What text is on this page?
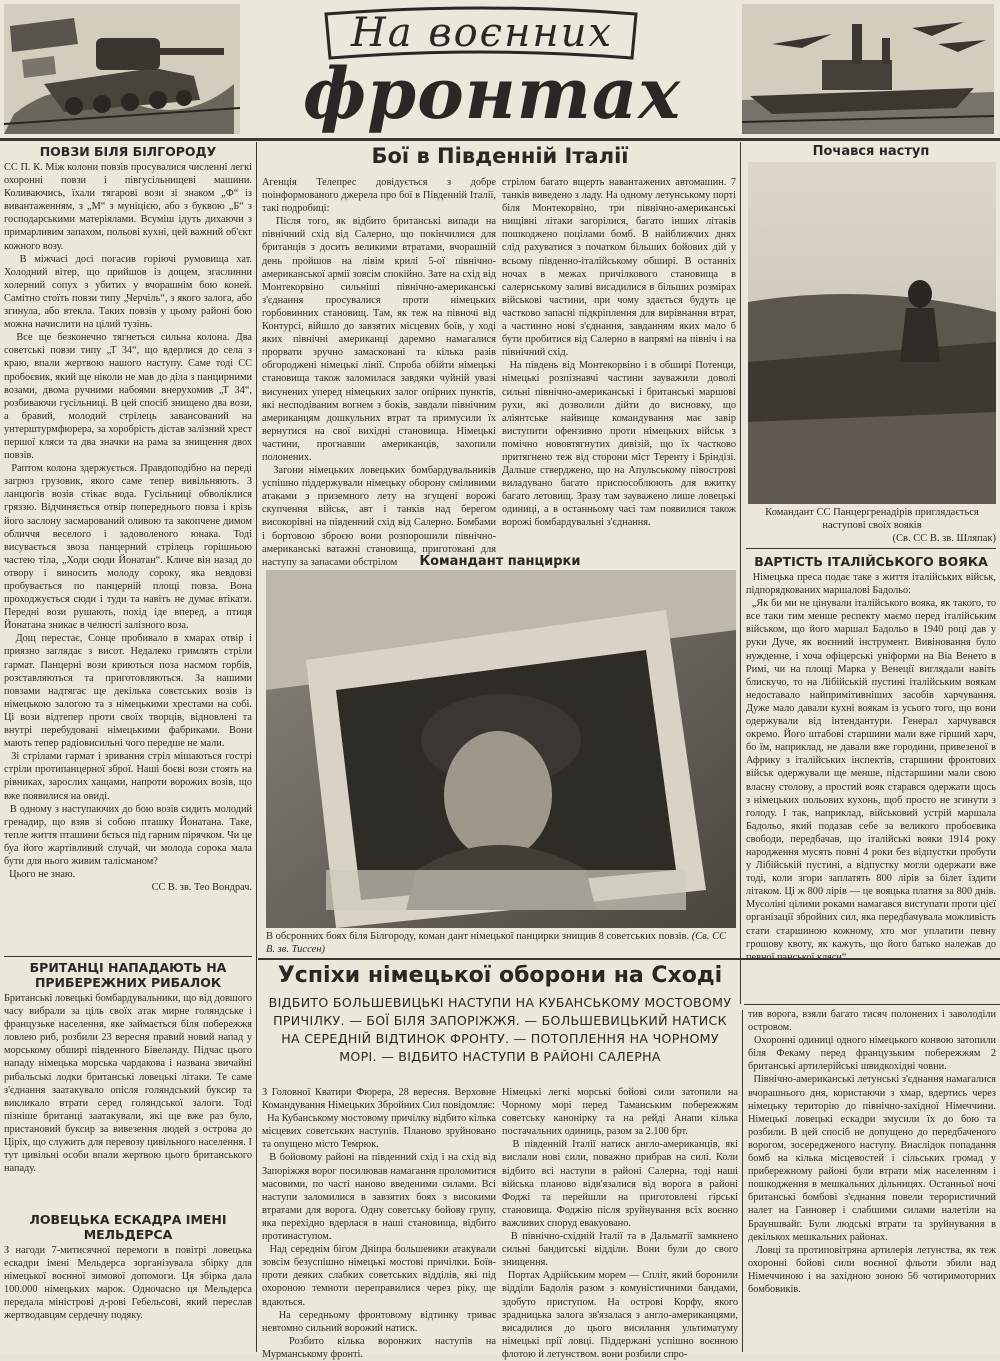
На воєнних
фронтах

ПОВЗИ БІЛЯ БІЛГОРОДУ

СС П. К. Між колони повзів просувалися численні легкі охоронні повзи і півгусільнищеві машини. Коливаючись, їхали тягарові вози зі знаком „Ф“ із вивантаженням, з „М“ з муніцією, або з буквою „Б“ з господарськими матеріялами. Всуміш ідуть дихаючи з примарливим запахом, польові кухні, цей важний об'єкт кожного возу.
В міжчасі досі погасив горіючі румовища хат. Холодний вітер, що прийшов із дощем, згаслинни холерний сопух з убитих у вчорашнім бою коней. Самітно стоїть повзи типу „Черчіль“, з якого залога, або згинула, або втекла. Таких повзів у цьому районі бою можна начислити на цілий тузінь.
Все ще безконечно тягнеться сильна колона. Два советські повзи типу „Т 34“, що вдерлися до села з краю, впали жертвою нашого наступу. Саме тоді СС пробоєвик, який ще ніколи не мав до діла з панцирними возами, двома ручними набоями внерухомив „Т 34“, розбиваючи гусільниці. В цей спосіб знищено два вози, а бравий, молодий стрілець завансований на унтерштурмфюрера, за хоробрість дістав залізний хрест першої кляси та два значки на рама за знищення двох повзів.
Раптом колона здержується. Правдоподібно на переді загрюз грузовик, якого саме тепер вивільняють. З ланцюгів возів стікає вода. Гусільниці обволіклися гряззю. Відчиняється отвір попереднього повза і крізь його заслону засмарований оливою та закопчене димом обличчя веселого і задоволеного юнака. Тоді висувається звоза панцерний стрілець горішньою частею тіла, „Ходи сюди Йонатан“. Кличе він назад до отвору і виносить молоду сороку, яка невдовзі пробувається по панцерній площі повза. Вона проходжується сюди і туди та навіть не думає втікати. Передні вози рушають, похід іде вперед, а птиця Йонатана зникає в челюсті залізного воза.
Дощ перестає, Сонце пробивало в хмарах отвір і приязно заглядає з висот. Недалеко гримлять стріли гармат. Панцерні вози криються поза насмом горбів, розставляються та приготовляються. За нашими повзами надтягає ще декілька совєтських возів із німецькою залогою та з німецькими хрестами на собі. Ці вози відтепер проти своїх творців, відновлені та внутрі перебудовані німецькими фабриками. Вони мають тепер радіовисильні чого передше не мали.
Зі стрілами гармат і зривання стріл мішаються гострі стріли протипанцерної зброї. Наші боєві вози стоять на рівниках, зарослих хащами, напроти ворожих возів, що вже появилися на овиді.
В одному з наступаючих до бою возів сидить молодий гренадир, що взяв зі собою пташку Йонатана. Таке, тепле життя пташини бється під гарним пірячком. Чи це буа його жартівливий случай, чи молода сорока мала бути для нього живим талісманом?
Цього не знаю.

СС В. зв. Тео Вондрач.

БРИТАНЦІ НАПАДАЮТЬ НА ПРИБЕРЕЖНИХ РИБАЛОК

Британські ловецькі бомбардувальники, що від довшого часу вибрали за ціль своїх атак мирне голяндське і французьке населення, яке займається біля побережжя ловлею риб, розбили 23 вересня правий новий напад у морському обширі південного Бівеланду. Підчас цього нападу німецька морська чардакова і названа звичайні рибальські лодки британські ловецькі літаки. Те саме з'єднання заатакувало опісля голяндський буксир та викликало втрати серед голяндської залоги. Тоді пізніше британці заатакували, які ще вже раз було, пристановий буксир за вивезення людей з острова до Ціріх, що служить для перевозу цивільного населення. І тут цивільні особи впали жертвою цього британського нападу.

ЛОВЕЦЬКА ЕСКАДРА ІМЕНІ МЕЛЬДЕРСА

З нагоди 7-митисячної перемоги в повітрі ловецька ескадри імені Мельдерса зорганізувала збірку для німецької воєнної зимової допомоги. Ця збірка дала 100.000 німецьких марок. Одночасно ця Мельдерса передала міністрові д-рові Гебельсові, який переслав жертводавцям сердечну подяку.

Бої в Південній Італії

Агенція Телепрес довідується з добре поінформованого джерела про бої в Південній Італії, такі подробиці:
Після того, як відбито британські випади на північний схід від Салерно, що покінчилися для британців з досить великими втратами, вчорашній день пройшов на лівім крилі 5-ої північно-американської армії зовсім спокійно. Зате на схід від Монтекорвіно сильніші північно-американські з'єднання просувалися проти німецьких горбовинних становищ. Там, як теж на півночі від Контурсі, війшло до завзятих місцевих боїв, у ході яких північні американці даремно намагалися прорвати зручно замасковані та кілька разів обгороджені німецькі лінії. Спроба обійти німецькі становища також заломилася завдяки чуйній увазі висунених уперед німецьких залог опірних пунктів, які несподіваним вогнем з боків, завдали північним американцям дошкульних втрат та примусили їх вернутися на свої вихідні становища. Німецькі частини, прогнавши американців, захопили полонених.
Загони німецьких ловецьких бомбардувальників успішно піддержували німецьку оборону сміливими атаками з приземного лету на згущені ворожі скупчення військ, авт і танків над берегом високорівні на південний схід від Салерно. Бомбами і бортовою зброєю вони розпорошили північно-американські ватажні становища, приготовані для наступу за запасами обстрілом

стрілом багато вщерть навантажених автомашин. 7 танків виведено з ладу. На одному летунському порті біля Монтекорвіно, три північно-американські нищівні літаки загорілися, багато інших літаків пошкоджено поцілами бомб. В найближчих днях слід рахуватися з початком більших бойових дій у всьому південно-італійському обширі. В останніх ночах в межах причілкового становища в салернському заливі висадилися в більших розмірах військові частини, при чому здається будуть це частково запасні підкріплення для вирівнання втрат, а частинно нові з'єднання, завданням яких мало б бути пробитися від Салерно в напрямі на північ і на північний схід.
На південь від Монтекорвіно і в обширі Потенци, німецькі розпізнавчі частини зауважили доволі сильні північно-американські і британські маршові рухи, які дозволили дійти до висновку, що аліянтське найвище командування має завір виступити офензивно проти німецьких військ з помічно нововтягнутих дивізій, що їх частково притягнено теж від сторони міст Теренту і Бріндізі. Дальше стверджено, що на Апульському півострові виладувано багато приспособлюють для вжитку багато летовищ. Зразу там зауважено лише ловецькі одиниці, а в останньому часі там появилися також ворожі бомбардувальні з'єднання.

Командант панцирки

В обсронних боях біля Білгороду, коман дант німецької панцирки знищив 8 советських повзів. (Св. СС В. зв. Тиссен)

Почався наступ

Командант СС Панцергренадірів приглядається наступові своїх вояків

(Св. СС В. зв. Шляпак)

ВАРТІСТЬ ІТАЛІЙСЬКОГО ВОЯКА

Німецька преса подає таке з життя італійських військ, підпорядкованих маршалові Бадольо:
„Як би ми не цінували італійського вояка, як такого, то все таки тим менше респекту маємо перед італійським військом, що його маршал Бадольо в 1940 році дав у руки Дуче, як воєнний інструмент. Вивіновання було нужденне, і хоча офіцерські уніформи на Віа Венето в Римі, чи на площі Марка у Венеції виглядали навіть блискучо, то на Лібійській пустині італійським воякам недоставало найпримітивніших засобів харчування. Дуже мало давали кухні воякам із усього того, що вони одержували від інтендантури. Генерал харчувався окремо. Його штабові старшини мали вже гірший харч, бо їм, наприклад, не давали вже городини, привезеної в Африку з італійських інспектів, старшини фронтових військ одержували ще менше, підстаршини мали свою власну столову, а простий вояк старався одержати щось з німецьких польових кухонь, щоб просто не згинути з голоду. І так, наприклад, військовий устрій маршала Бадольо, який подазав себе за великого пробоєвика свободи, передбачав, що італійські вояки 1914 року народження мусять повні 4 роки без відпустки пробути у Лібійській пустині, а відпустку могли одержати вже тоді, коли згори заплатять 800 лірів за білет їздити літаком. Ці ж 800 лірів — це вояцька платня за 800 днів. Мусоліні цілими роками намагався виступати проти цієї організації збройних сил, яка передбачувала можливість стати старшиною кожному, хто мог уплатити певну грошову квоту, як кажуть, що його батько належав до

Успіхи німецької оборони на Сході

ВІДБИТО БОЛЬШЕВИЦЬКІ НАСТУПИ НА КУБАНСЬКОМУ МОСТОВОМУ ПРИЧІЛКУ. — БОЇ БІЛЯ ЗАПОРІЖЖЯ. — БОЛЬШЕВИЦЬКИЙ НАТИСК НА СЕРЕДНІЙ ВІДТИНОК ФРОНТУ. — ПОТОПЛЕННЯ НА ЧОРНОМУ МОРІ. — ВІДБИТО НАСТУПИ В РАЙОНІ САЛЕРНА

З Головної Кватири Фюрера, 28 вересня. Верховне Командування Німецьких Збройних Сил повідомляє:
На Кубанському мостовому причілку відбито кілька місцевих советських наступів. Планово зруйновано та опущено місто Темрюк.
В бойовому районі на південний схід і на схід від Запоріжжя ворог посилював намагання проломитися масовими, по часті наново введеними силами. Всі наступи заломилися в завзятих боях з високими втратами для ворога. Одну советську бойову групу, яка перехідно вдерлася в наші становища, відбито протинаступом.
Над середнім бігом Дніпра большевики атакували зовсім безуспішно німецькі мостові причілки. Боїв-проти деяких слабких советських відділів, які під охороною темноти переправилися через ріку, ще вдаються.
На середньому фронтовому відтинку триває невтомно сильний ворожий натиск.
Розбито кілька воронжих наступів на Мурманському фронті.

Німецькі легкі морські бойові сили затопили на Чорному морі перед Таманським побережжям советську канонірку та на рейді Анапи кілька постачальних одиниць, разом за 2.100 брт.
В південній Італії натиск англо-американців, які вислали нові сили, поважно прибрав на силі. Коли відбито всі наступи в районі Салерна, тоді наші війська планово відв'язалися від ворога в районі Фоджі та перейшли на приготовлені гірські становища. Фоджію після зруйнування всіх воєнно важливих споруд евакуовано.
В північно-східній Італії та в Дальматії замкнено сильні бандитські відділи. Вони були до свого знищення.
Портах Адрійським морем — Спліт, який боронили відділи Бадолія разом з комуністичними бандами, здобуто приступом. На острові Корфу, якого зрадницька залога зв'язалася з англо-американцями, висадилися до цього висилання ультиматуму німецькі прії ловці. Піддержані успішно воєнною флотою й летунством. вони розбили спро-

тив ворога, взяли багато тисяч полонених і заволоділи островом.
Охоронні одиниці одного німецького конвою затопили біля Фекаму перед французьким побережжям 2 британські артилерійські швидкохідні човни.
Північно-американські летунські з'єднання намагалися вчорашнього дня, користаючи з хмар, вдертись через німецьку територію до північно-західної Німеччини. Німецькі ловецькі ескадри змусили їх до бою та розбили. В цей спосіб не допущено до передбаченого ворогом, зосередженого наступу. Внаслідок попадання бомб на кілька місцевостей і сільських громад у прибережному районі були втрати між населенням і пошкодження в мешкальних дільницях. Останньої ночі британські бомбові з'єднання повели терористичний налет на Ганновер і слабшими силами налетіли на Брауншвайг. Були людські втрати та зруйнування в декількох мешкальних районах.
Ловці та протиповітряна артилерія летунства, як теж охоронні бойові сили воєнної фльоти збили над Німеччиною і на західною зоною 56 чотиримоторних бомбовиків.
